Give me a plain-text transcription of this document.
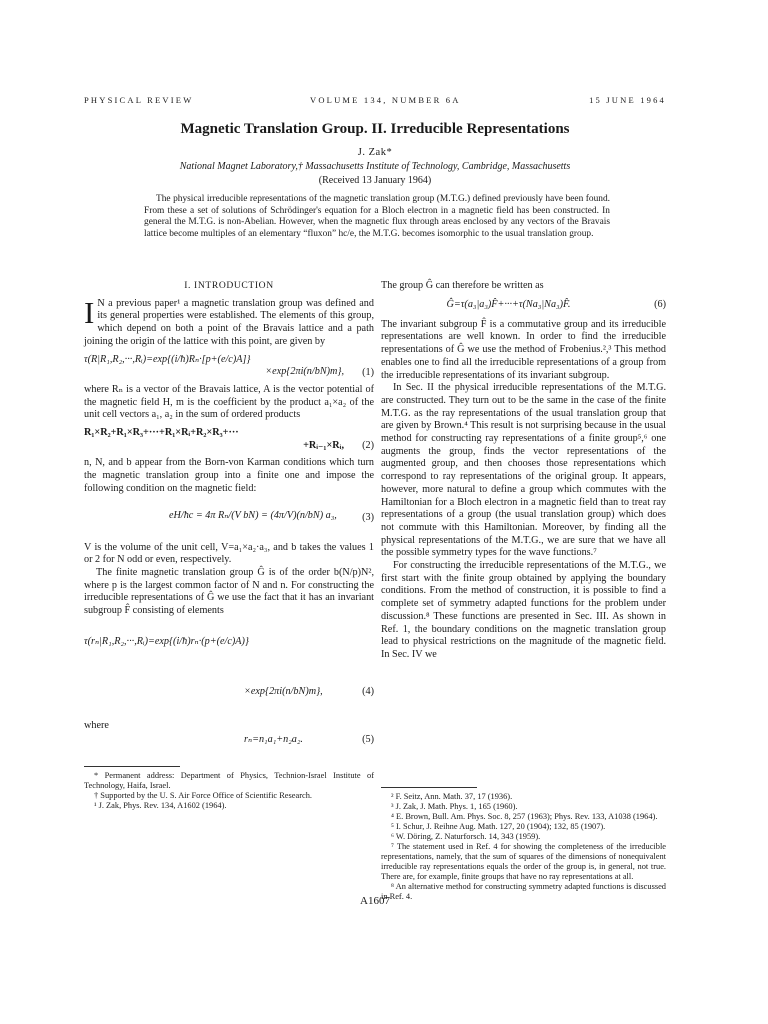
PHYSICAL REVIEW	VOLUME 134, NUMBER 6A	15 JUNE 1964
Magnetic Translation Group. II. Irreducible Representations
J. Zak*
National Magnet Laboratory,† Massachusetts Institute of Technology, Cambridge, Massachusetts
(Received 13 January 1964)

The physical irreducible representations of the magnetic translation group (M.T.G.) defined previously have been found. From these a set of solutions of Schrödinger's equation for a Bloch electron in a magnetic field has been constructed. In general the M.T.G. is non-Abelian. However, when the magnetic flux through areas enclosed by any vectors of the Bravais lattice become multiples of an elementary “fluxon” hc/e, the M.T.G. becomes isomorphic to the usual translation group.

I. INTRODUCTION

IN a previous paper¹ a magnetic translation group was defined and its general properties were established. The elements of this group, which depend on both a point of the Bravais lattice and a path joining the origin of the lattice with this point, are given by

τ(R|R₁,R₂,···,Rᵢ)=exp{(i/ħ)Rₙ·[p+(e/c)A]}
×exp{2πi(n/bN)m},	(1)

where Rₙ is a vector of the Bravais lattice, A is the vector potential of the magnetic field H, m is the coefficient by the product a₁×a₂ of the unit cell vectors a₁, a₂ in the sum of ordered products

R₁×R₂+R₁×R₃+···+R₁×Rᵢ+R₂×R₃+···
+Rᵢ₋₁×Rᵢ,	(2)

n, N, and b appear from the Born-von Karman conditions which turn the magnetic translation group into a finite one and impose the following condition on the magnetic field:

eH/ħc = 4π Rₙ/(V bN) = (4π/V)(n/bN) a₃, (3)

V is the volume of the unit cell, V=a₁×a₂·a₃, and b takes the values 1 or 2 for N odd or even, respectively.

The finite magnetic translation group Ĝ is of the order b(N/p)N², where p is the largest common factor of N and n. For constructing the irreducible representations of Ĝ we use the fact that it has an invariant subgroup F̂ consisting of elements

τ(rₙ|R₁,R₂,···,Rᵢ)=exp{(i/ħ)rₙ·(p+(e/c)A)}
×exp{2πi(n/bN)m},	(4)
where
rₙ=n₁a₁+n₂a₂.	(5)
* Permanent address: Department of Physics, Technion-Israel Institute of Technology, Haifa, Israel.
† Supported by the U. S. Air Force Office of Scientific Research.
¹ J. Zak, Phys. Rev. 134, A1602 (1964).

The group Ĝ can therefore be written as

Ĝ=τ(a₃|a₃)F̂+···+τ(Na₃|Na₃)F̂.	(6)

The invariant subgroup F̂ is a commutative group and its irreducible representations are well known. In order to find the irreducible representations of Ĝ we use the method of Frobenius.²,³ This method enables one to find all the irreducible representations of a group from the irreducible representations of its invariant subgroup.

In Sec. II the physical irreducible representations of the M.T.G. are constructed. They turn out to be the same in the case of the finite M.T.G. as the ray representations of the usual translation group that are given by Brown.⁴ This result is not surprising because in the usual method for constructing ray representations of a finite group⁵,⁶ one augments the group, finds the vector representations of the augmented group, and then chooses those representations which correspond to ray representations of the original group. It appears, however, more natural to define a group which commutes with the Hamiltonian for a Bloch electron in a magnetic field than to treat ray representations of a group (the usual translation group) which does not commute with this Hamiltonian. Moreover, by finding all the physical representations of the M.T.G., we are sure that we have all the possible symmetry types for the wave functions.⁷

For constructing the irreducible representations of the M.T.G., we first start with the finite group obtained by applying the boundary conditions. From the method of construction, it is possible to find a complete set of symmetry adapted functions for the problem under discussion.⁸ These functions are presented in Sec. III. As shown in Ref. 1, the boundary conditions on the magnetic translation group lead to physical restrictions on the magnitude of the magnetic field. In Sec. IV we

² F. Seitz, Ann. Math. 37, 17 (1936).
³ J. Zak, J. Math. Phys. 1, 165 (1960).
⁴ E. Brown, Bull. Am. Phys. Soc. 8, 257 (1963); Phys. Rev. 133, A1038 (1964).
⁵ I. Schur, J. Reihne Aug. Math. 127, 20 (1904); 132, 85 (1907).
⁶ W. Döring, Z. Naturforsch. 14, 343 (1959).
⁷ The statement used in Ref. 4 for showing the completeness of the irreducible representations, namely, that the sum of squares of the dimensions of nonequivalent irreducible ray representations equals the order of the group is, in general, not true. There are, for example, finite groups that have no ray representations at all.
⁸ An alternative method for constructing symmetry adapted functions is discussed in Ref. 4.
A1607
